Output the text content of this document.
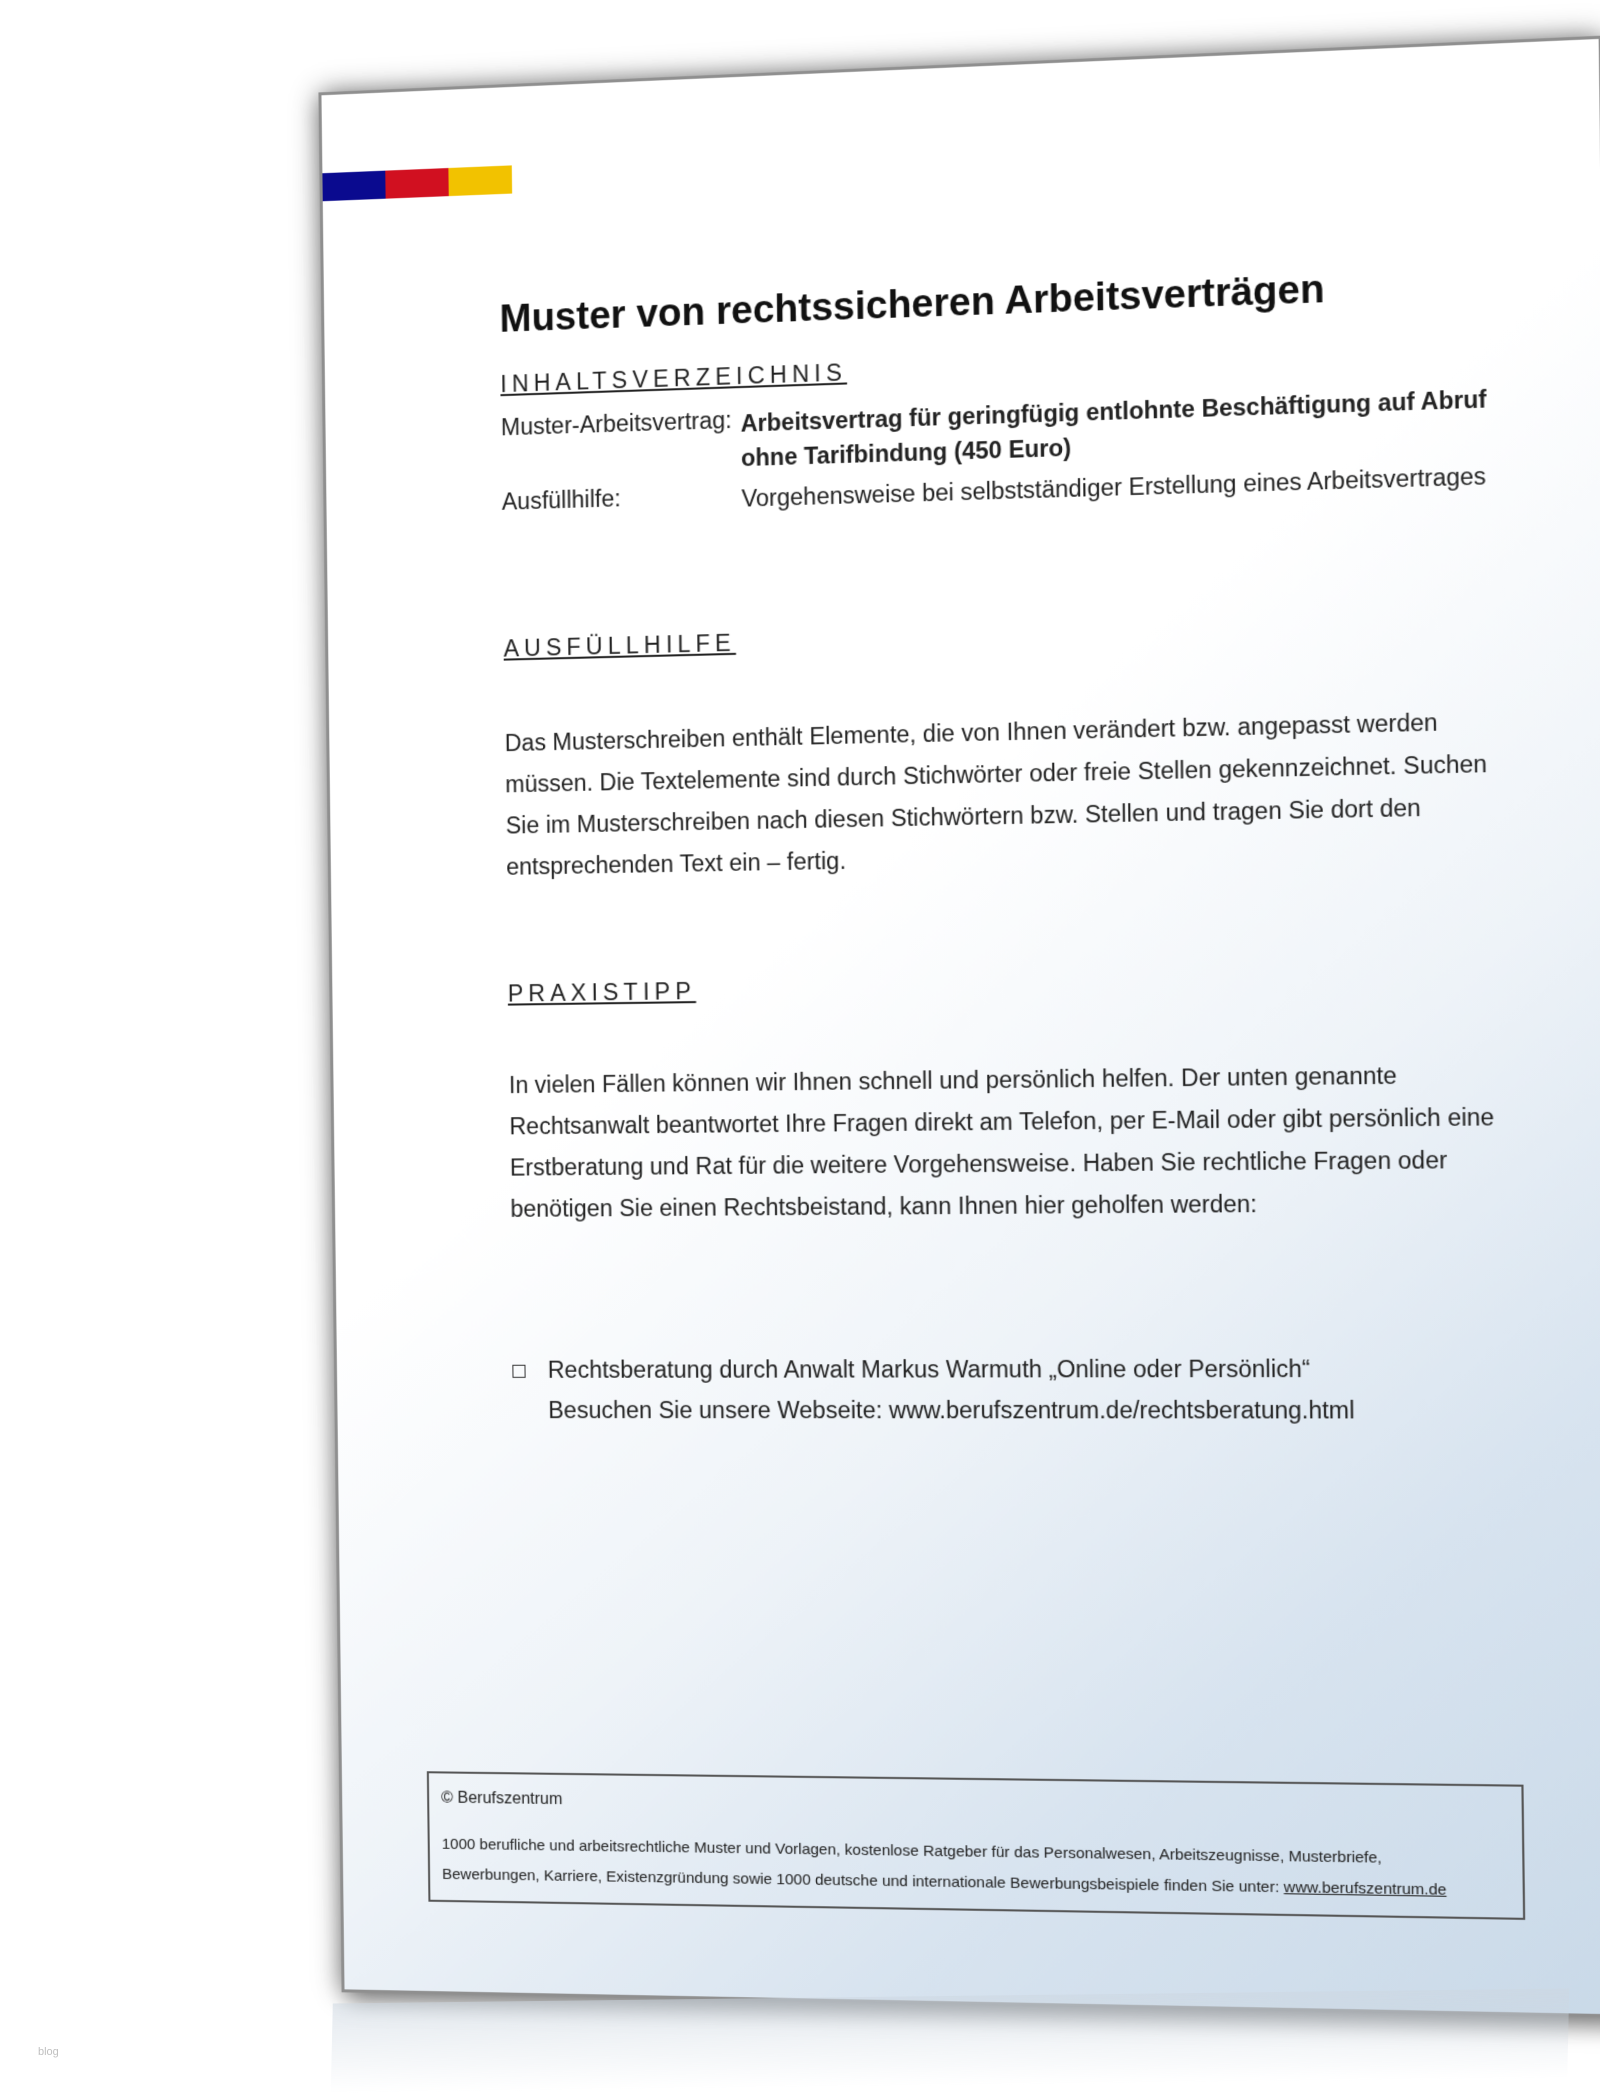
Muster von rechtssicheren Arbeitsverträgen
INHALTSVERZEICHNIS
Muster-Arbeitsvertrag: Arbeitsvertrag für geringfügig entlohnte Beschäftigung auf Abruf ohne Tarifbindung (450 Euro)
Ausfüllhilfe:	Vorgehensweise bei selbstständiger Erstellung eines Arbeitsvertrages
AUSFÜLLHILFE
Das Musterschreiben enthält Elemente, die von Ihnen verändert bzw. angepasst werden müssen. Die Textelemente sind durch Stichwörter oder freie Stellen gekennzeichnet. Suchen Sie im Musterschreiben nach diesen Stichwörtern bzw. Stellen und tragen Sie dort den entsprechenden Text ein – fertig.
PRAXISTIPP
In vielen Fällen können wir Ihnen schnell und persönlich helfen. Der unten genannte Rechtsanwalt beantwortet Ihre Fragen direkt am Telefon, per E-Mail oder gibt persönlich eine Erstberatung und Rat für die weitere Vorgehensweise. Haben Sie rechtliche Fragen oder benötigen Sie einen Rechtsbeistand, kann Ihnen hier geholfen werden:
Rechtsberatung durch Anwalt Markus Warmuth „Online oder Persönlich“
Besuchen Sie unsere Webseite: www.berufszentrum.de/rechtsberatung.html
© Berufszentrum
1000 berufliche und arbeitsrechtliche Muster und Vorlagen, kostenlose Ratgeber für das Personalwesen, Arbeitszeugnisse, Musterbriefe,
Bewerbungen, Karriere, Existenzgründung sowie 1000 deutsche und internationale Bewerbungsbeispiele finden Sie unter: www.berufszentrum.de
blog
